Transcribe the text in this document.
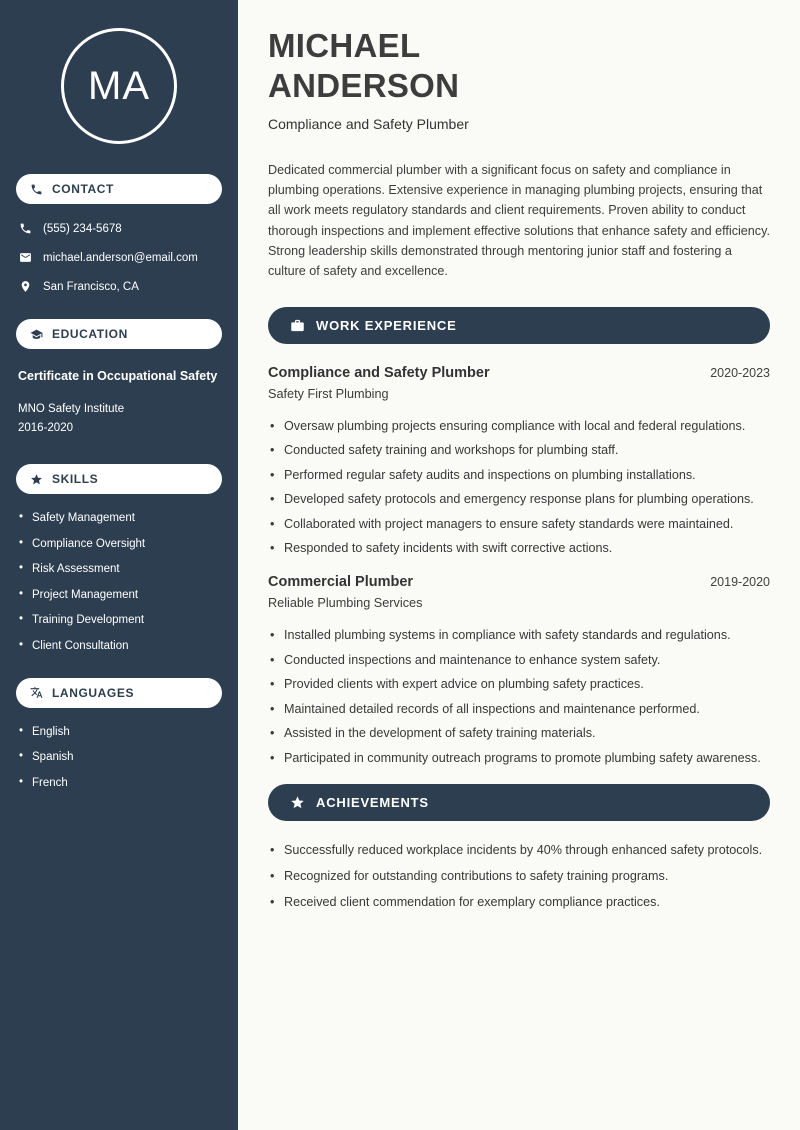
MA
CONTACT
(555) 234-5678
michael.anderson@email.com
San Francisco, CA
EDUCATION
Certificate in Occupational Safety
MNO Safety Institute
2016-2020
SKILLS
• Safety Management
• Compliance Oversight
• Risk Assessment
• Project Management
• Training Development
• Client Consultation
LANGUAGES
• English
• Spanish
• French
MICHAEL
ANDERSON
Compliance and Safety Plumber

Dedicated commercial plumber with a significant focus on safety and compliance in plumbing operations. Extensive experience in managing plumbing projects, ensuring that all work meets regulatory standards and client requirements. Proven ability to conduct thorough inspections and implement effective solutions that enhance safety and efficiency. Strong leadership skills demonstrated through mentoring junior staff and fostering a culture of safety and excellence.

WORK EXPERIENCE
Compliance and Safety Plumber	2020-2023
Safety First Plumbing
• Oversaw plumbing projects ensuring compliance with local and federal regulations.
• Conducted safety training and workshops for plumbing staff.
• Performed regular safety audits and inspections on plumbing installations.
• Developed safety protocols and emergency response plans for plumbing operations.
• Collaborated with project managers to ensure safety standards were maintained.
• Responded to safety incidents with swift corrective actions.
Commercial Plumber	2019-2020
Reliable Plumbing Services
• Installed plumbing systems in compliance with safety standards and regulations.
• Conducted inspections and maintenance to enhance system safety.
• Provided clients with expert advice on plumbing safety practices.
• Maintained detailed records of all inspections and maintenance performed.
• Assisted in the development of safety training materials.
• Participated in community outreach programs to promote plumbing safety awareness.
ACHIEVEMENTS
• Successfully reduced workplace incidents by 40% through enhanced safety protocols.
• Recognized for outstanding contributions to safety training programs.
• Received client commendation for exemplary compliance practices.
